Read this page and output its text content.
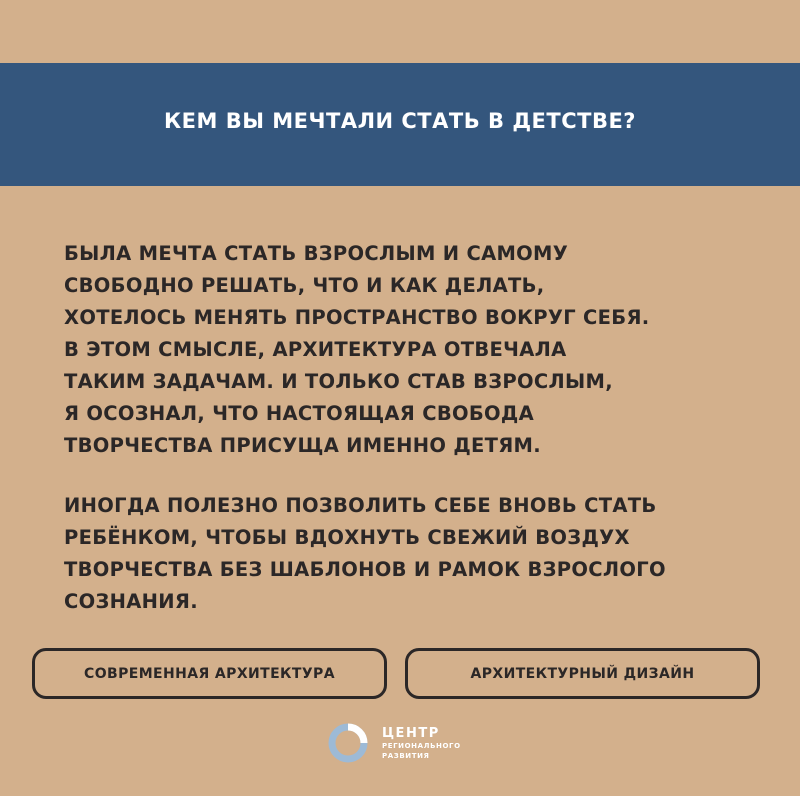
КЕМ ВЫ МЕЧТАЛИ СТАТЬ В ДЕТСТВЕ?

БЫЛА МЕЧТА СТАТЬ ВЗРОСЛЫМ И САМОМУ
СВОБОДНО РЕШАТЬ, ЧТО И КАК ДЕЛАТЬ,
ХОТЕЛОСЬ МЕНЯТЬ ПРОСТРАНСТВО ВОКРУГ СЕБЯ.
В ЭТОМ СМЫСЛЕ, АРХИТЕКТУРА ОТВЕЧАЛА
ТАКИМ ЗАДАЧАМ. И ТОЛЬКО СТАВ ВЗРОСЛЫМ,
Я ОСОЗНАЛ, ЧТО НАСТОЯЩАЯ СВОБОДА
ТВОРЧЕСТВА ПРИСУЩА ИМЕННО ДЕТЯМ.

ИНОГДА ПОЛЕЗНО ПОЗВОЛИТЬ СЕБЕ ВНОВЬ СТАТЬ
РЕБЁНКОМ, ЧТОБЫ ВДОХНУТЬ СВЕЖИЙ ВОЗДУХ
ТВОРЧЕСТВА БЕЗ ШАБЛОНОВ И РАМОК ВЗРОСЛОГО
СОЗНАНИЯ.

СОВРЕМЕННАЯ АРХИТЕКТУРА	АРХИТЕКТУРНЫЙ ДИЗАЙН
ЦЕНТР
РЕГИОНАЛЬНОГО
РАЗВИТИЯ
